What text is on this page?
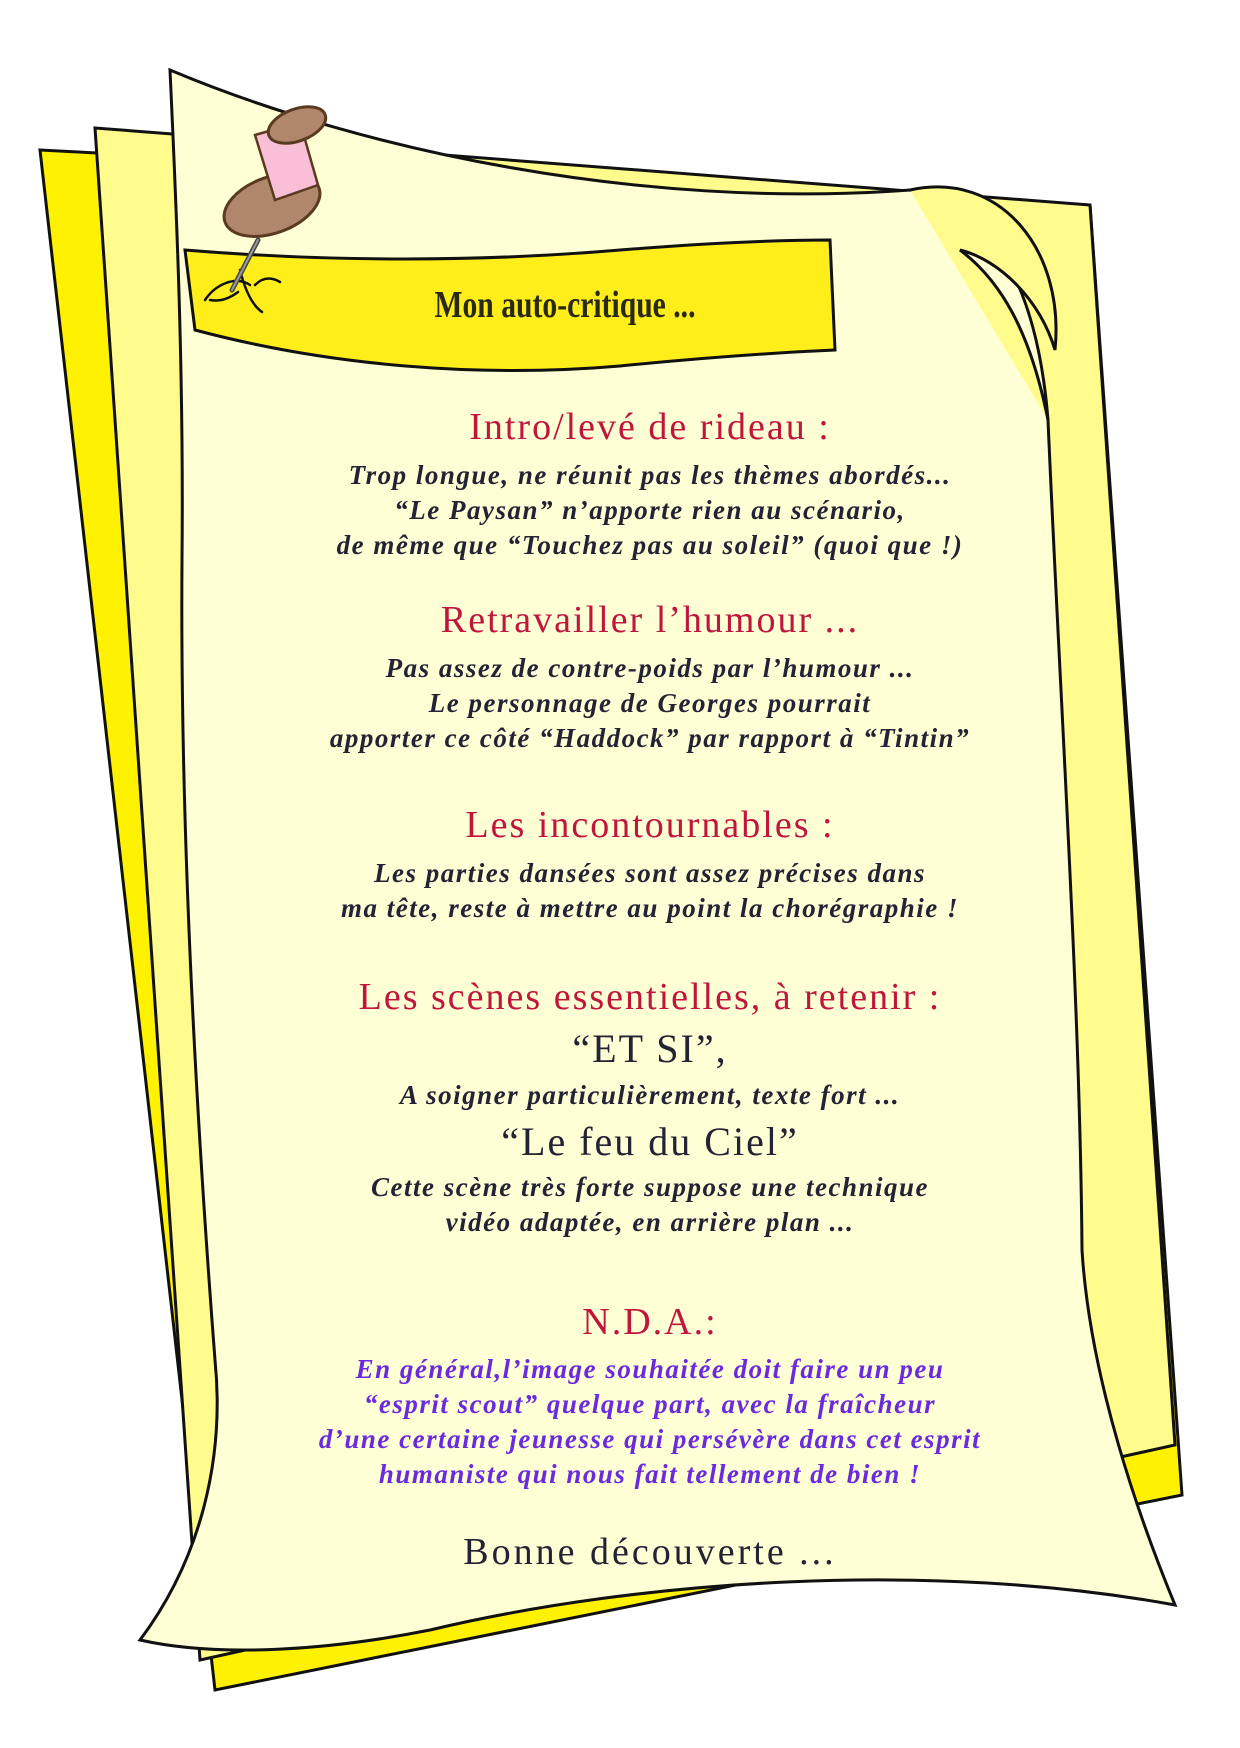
Mon auto-critique ...
Intro/levé de rideau :
Trop longue, ne réunit pas les thèmes abordés...
“Le Paysan” n’apporte rien au scénario,
de même que “Touchez pas au soleil” (quoi que !)
Retravailler l’humour ...
Pas assez de contre-poids par l’humour ...
Le personnage de Georges pourrait
apporter ce côté “Haddock” par rapport à “Tintin”
Les incontournables :
Les parties dansées sont assez précises dans
ma tête, reste à mettre au point la chorégraphie !
Les scènes essentielles, à retenir :
“ET SI”,
A soigner particulièrement, texte fort ...
“Le feu du Ciel”
Cette scène très forte suppose une technique
vidéo adaptée, en arrière plan ...
N.D.A.:
En général,l’image souhaitée doit faire un peu
“esprit scout” quelque part, avec la fraîcheur
d’une certaine jeunesse qui persévère dans cet esprit
humaniste qui nous fait tellement de bien !
Bonne découverte ...
